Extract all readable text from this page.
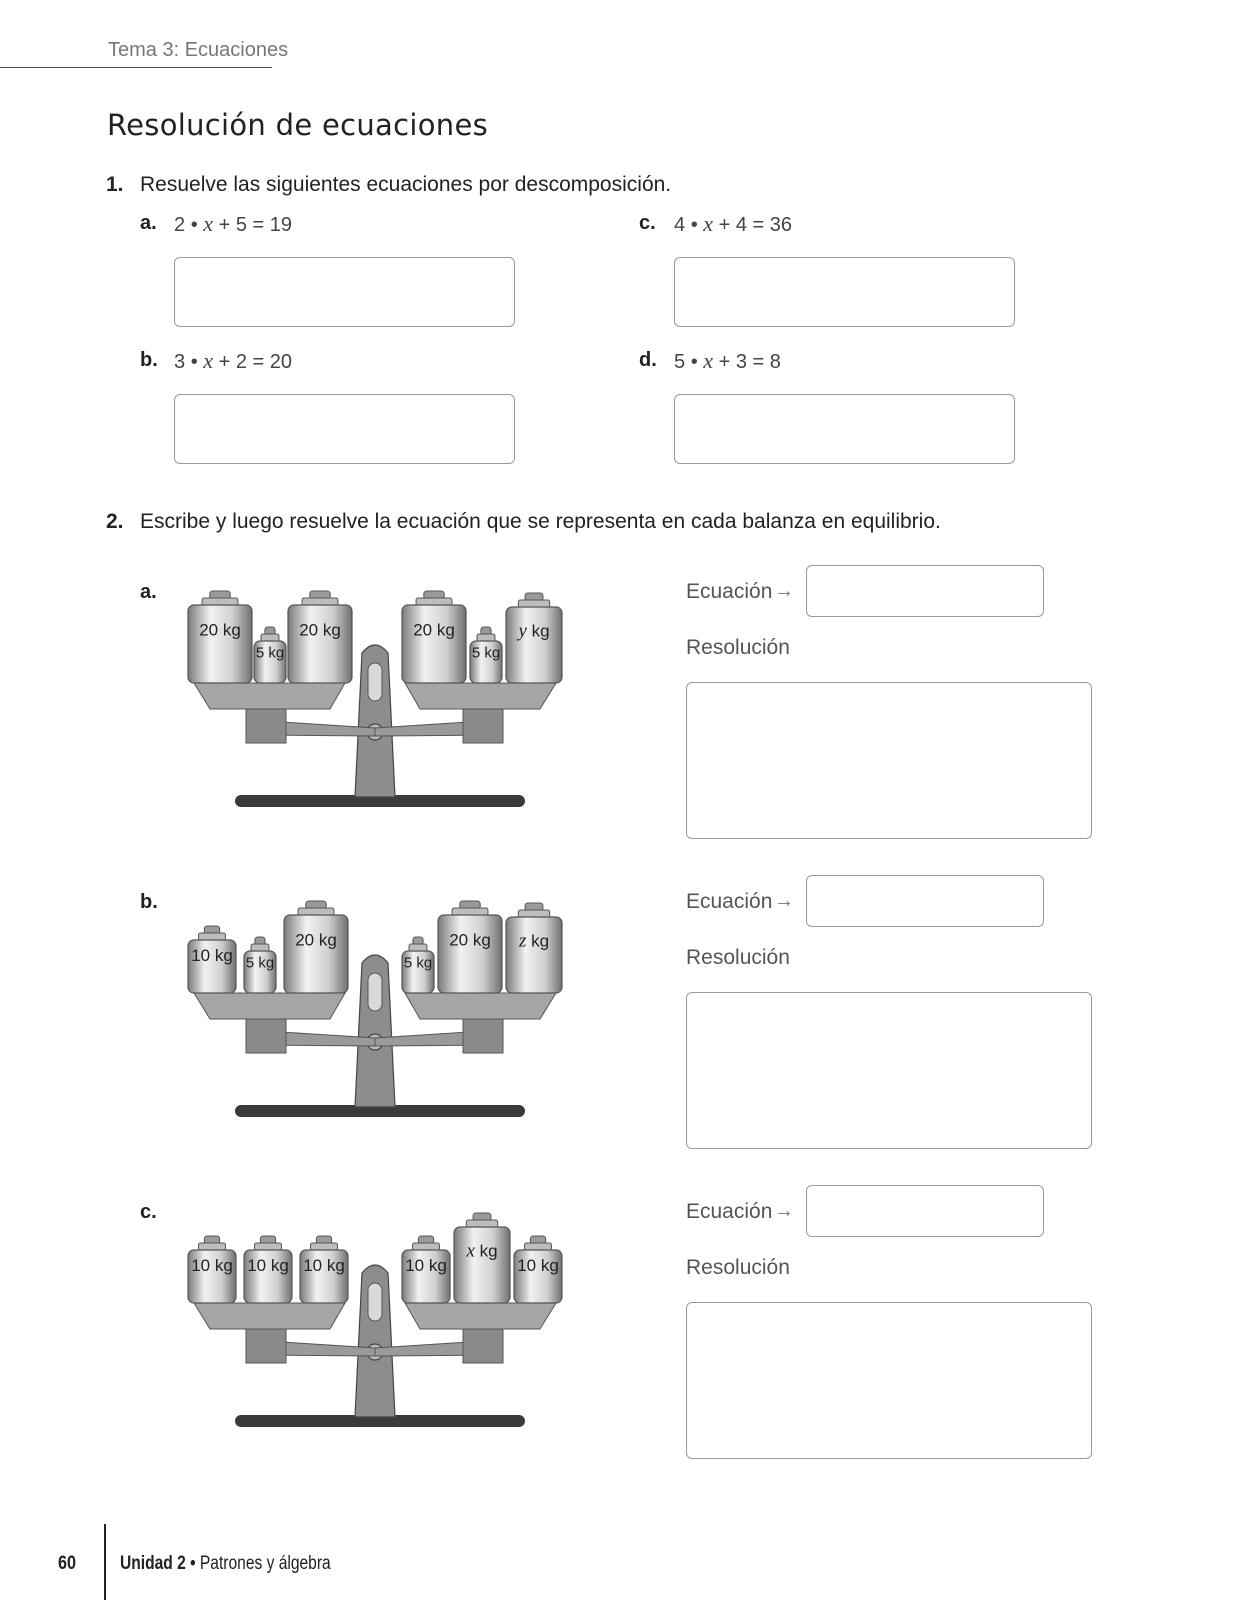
Tema 3: Ecuaciones
Resolución de ecuaciones
1. Resuelve las siguientes ecuaciones por descomposición.
a. 2 • x + 5 = 19
b. 3 • x + 2 = 20
c. 4 • x + 4 = 36
d. 5 • x + 3 = 8
2. Escribe y luego resuelve la ecuación que se representa en cada balanza en equilibrio.
a.
20 kg
5 kg
20 kg	20 kg
5 kg
y kg
Ecuación →
Resolución
b.
10 kg 5 kg
20 kg
5 kg
20 kg z kg
Ecuación →
Resolución
c.
10 kg 10 kg 10 kg	10 kg
x kg
10 kg
Ecuación →
Resolución
60 Unidad 2 • Patrones y álgebra
